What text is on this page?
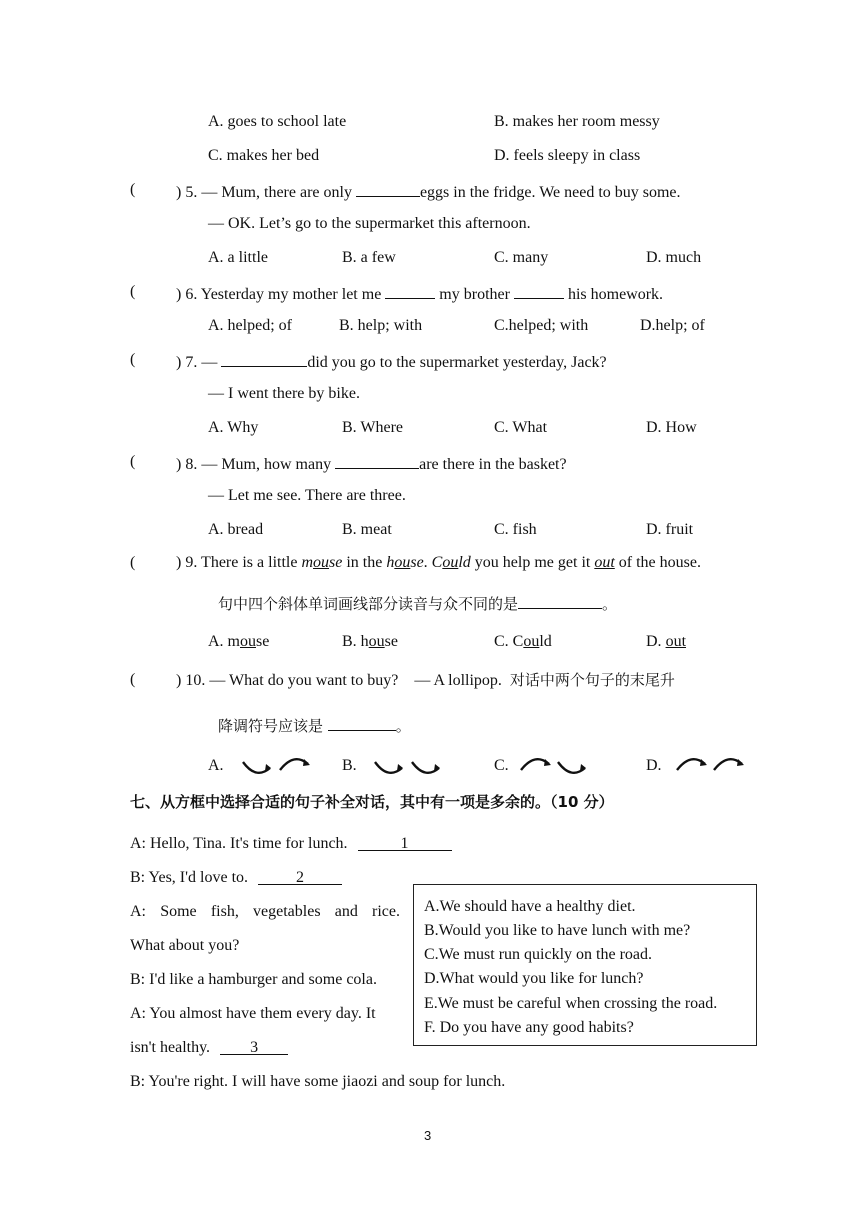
A. goes to school late	B. makes her room messy
C. makes her bed	D. feels sleepy in class
(	) 5. — Mum, there are only	eggs in the fridge. We need to buy some.
— OK. Let’s go to the supermarket this afternoon.
A. a little	B. a few	C. many	D. much
(	) 6. Yesterday my mother let me	my brother	his homework.
A. helped; of	B. help; with	C.helped; with	D.help; of
(	) 7. —	did you go to the supermarket yesterday, Jack?
— I went there by bike.
A. Why	B. Where	C. What	D. How
(	) 8. — Mum, how many	are there in the basket?
— Let me see. There are three.
A. bread	B. meat	C. fish	D. fruit
(	) 9. There is a little mouse in the house. Could you help me get it out of the house.
句中四个斜体单词画线部分读音与众不同的是	。
A. mouse	B. house	C. Could	D. out
(	) 10. — What do you want to buy? — A lollipop. 对话中两个句子的末尾升
降调符号应该是	。
A.	B.	C.	D.
七、从方框中选择合适的句子补全对话，其中有一项是多余的。（10 分）
A: Hello, Tina. It's time for lunch.	1
B: Yes, I'd love to.	2
A: Some fish, vegetables and rice.
What about you?
B: I'd like a hamburger and some cola.
A: You almost have them every day. It
isn't healthy.	3
B: You're right. I will have some jiaozi and soup for lunch.
A.We should have a healthy diet.
B.Would you like to have lunch with me?
C.We must run quickly on the road.
D.What would you like for lunch?
E.We must be careful when crossing the road.
F. Do you have any good habits?
3
